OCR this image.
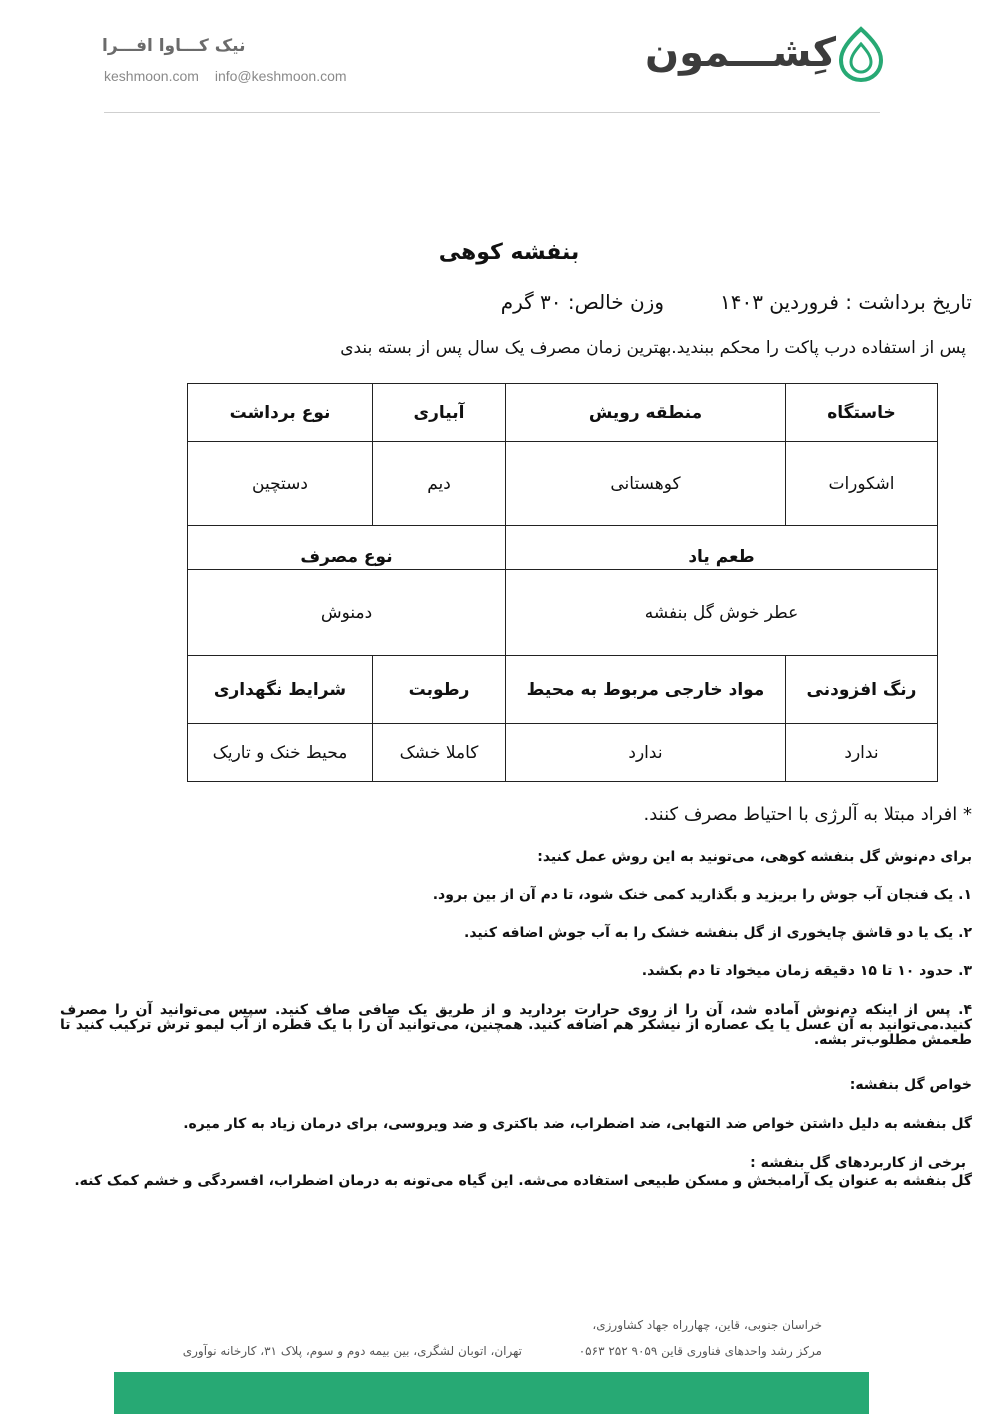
نیک کـــاوا افـــرا
keshmoon.com info@keshmoon.com	کِشـــمون
بنفشه کوهی
تاریخ برداشت : فروردین ۱۴۰۳وزن خالص: ۳۰ گرم
پس از استفاده درب پاکت را محکم ببندید.بهترین زمان مصرف یک سال پس از بسته بندی
خاستگاه	منطقه رویش	آبیاری	نوع برداشت
اشکورات	کوهستانی	دیم	دستچین
طعم یاد		نوع مصرف	
عطر خوش گل بنفشه		دمنوش	
رنگ افزودنی	مواد خارجی مربوط به محیط	رطوبت	شرایط نگهداری
ندارد	ندارد	کاملا خشک	محیط خنک و تاریک
* افراد مبتلا به آلرژی با احتیاط مصرف کنند.
برای دم‌نوش گل بنفشه کوهی، می‌تونید به این روش عمل کنید:
۱. یک فنجان آب جوش را بریزید و بگذارید کمی خنک شود، تا دم آن از بین برود.
۲. یک یا دو قاشق چایخوری از گل بنفشه خشک را به آب جوش اضافه کنید.
۳. حدود ۱۰ تا ۱۵ دقیقه زمان میخواد تا دم بکشد.
۴. پس از اینکه دم‌نوش آماده شد، آن را از روی حرارت بردارید و از طریق یک صافی صاف کنید. سپس می‌توانید آن را مصرف کنید.می‌توانید به آن عسل یا یک عصاره از نیشکر هم اضافه کنید. همچنین، می‌توانید آن را با یک قطره از آب لیمو ترش ترکیب کنید تا طعمش مطلوب‌تر بشه.
خواص گل بنفشه:
گل بنفشه به دلیل داشتن خواص ضد التهابی، ضد اضطراب، ضد باکتری و ضد ویروسی، برای درمان زیاد به کار میره.
برخی از کاربردهای گل بنفشه :
گل بنفشه به عنوان یک آرامبخش و مسکن طبیعی استفاده می‌شه. این گیاه می‌تونه به درمان اضطراب، افسردگی و خشم کمک کنه.
خراسان جنوبی، قاین، چهارراه جهاد کشاورزی،
مرکز رشد واحدهای فناوری قاین ۹۰۵۹ ۲۵۲ ۰۵۶۳
تهران، اتوبان لشگری، بین بیمه دوم و سوم، پلاک ۳۱، کارخانه نوآوری
